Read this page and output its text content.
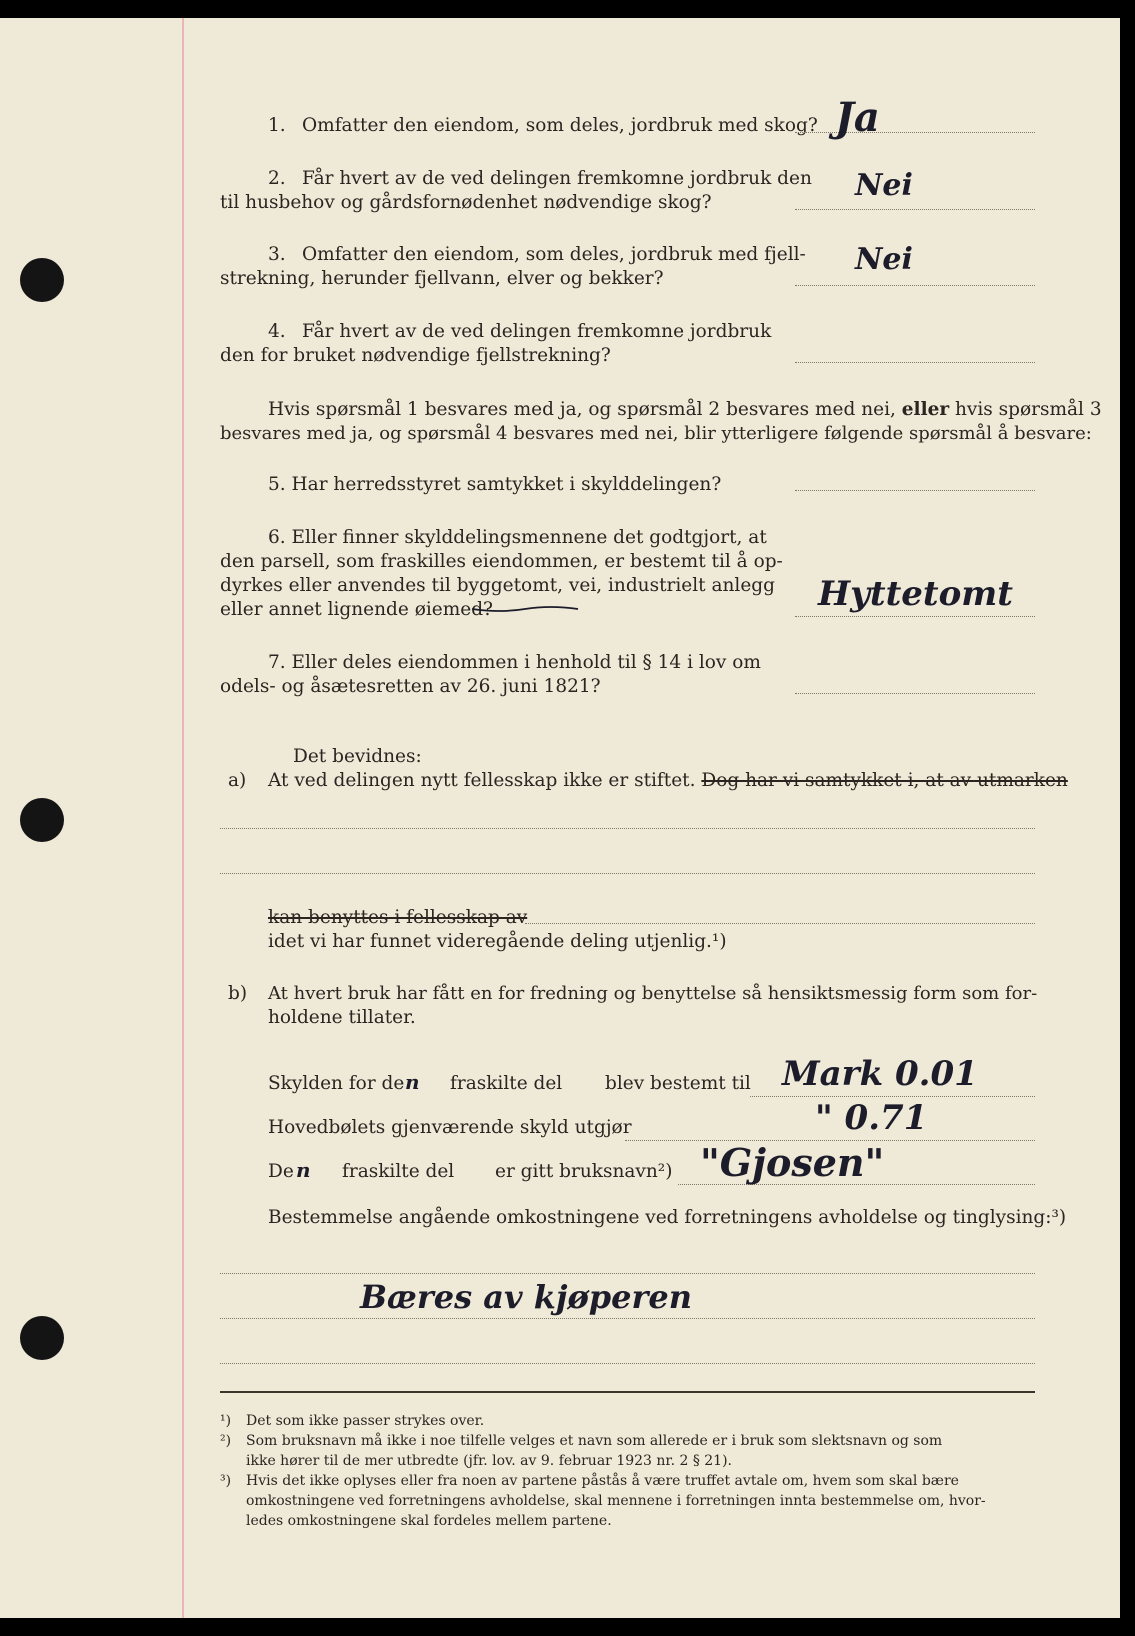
1. Omfatter den eiendom, som deles, jordbruk med skog? Ja
2. Får hvert av de ved delingen fremkomne jordbruk den
til husbehov og gårdsfornødenhet nødvendige skog?	Nei
3. Omfatter den eiendom, som deles, jordbruk med fjell-
strekning, herunder fjellvann, elver og bekker?
Nei
4. Får hvert av de ved delingen fremkomne jordbruk
den for bruket nødvendige fjellstrekning?
Hvis spørsmål 1 besvares med ja, og spørsmål 2 besvares med nei, eller hvis spørsmål 3
besvares med ja, og spørsmål 4 besvares med nei, blir ytterligere følgende spørsmål å besvare:
5. Har herredsstyret samtykket i skylddelingen?
6. Eller finner skylddelingsmennene det godtgjort, at
den parsell, som fraskilles eiendommen, er bestemt til å op-
dyrkes eller anvendes til byggetomt, vei, industrielt anlegg
eller annet lignende øiemed?	Hyttetomt
7. Eller deles eiendommen i henhold til § 14 i lov om
odels- og åsætesretten av 26. juni 1821?
Det bevidnes:
a) At ved delingen nytt fellesskap ikke er stiftet. Dog har vi samtykket i, at av utmarken
kan benyttes i fellesskap av
idet vi har funnet videregående deling utjenlig.¹)
b) At hvert bruk har fått en for fredning og benyttelse så hensiktsmessig form som for-
holdene tillater.
Skylden for de n fraskilte del blev bestemt til Mark 0.01
Hovedbølets gjenværende skyld utgjør	" 0.71
De n fraskilte del er gitt bruksnavn²) "Gjosen"
Bestemmelse angående omkostningene ved forretningens avholdelse og tinglysing:³)
Bæres av kjøperen
¹) Det som ikke passer strykes over.
²) Som bruksnavn må ikke i noe tilfelle velges et navn som allerede er i bruk som slektsnavn og som
ikke hører til de mer utbredte (jfr. lov. av 9. februar 1923 nr. 2 § 21).
³) Hvis det ikke oplyses eller fra noen av partene påstås å være truffet avtale om, hvem som skal bære
omkostningene ved forretningens avholdelse, skal mennene i forretningen innta bestemmelse om, hvor-
ledes omkostningene skal fordeles mellem partene.
